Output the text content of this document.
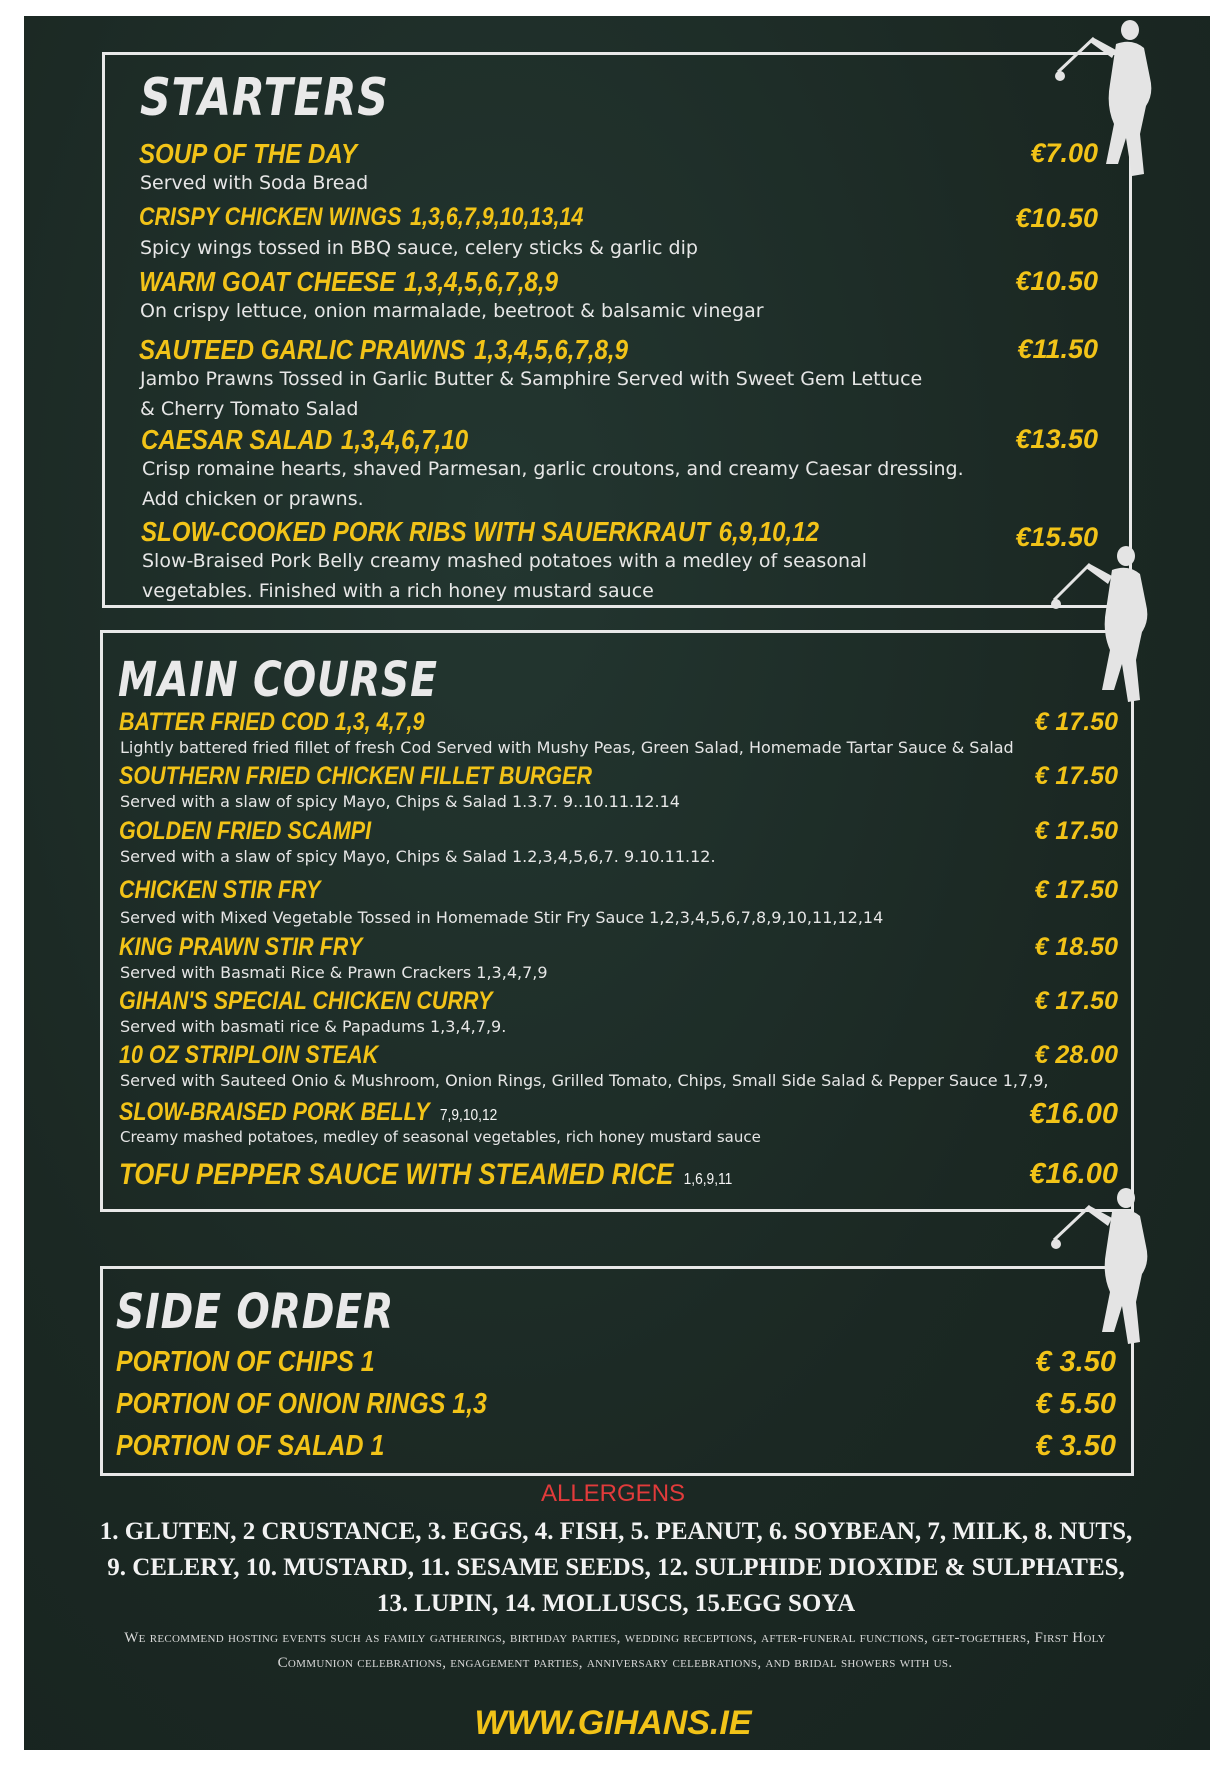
STARTERS
SOUP OF THE DAY
Served with Soda Bread
€7.00
CRISPY CHICKEN WINGS 1,3,6,7,9,10,13,14
Spicy wings tossed in BBQ sauce, celery sticks & garlic dip
€10.50
WARM GOAT CHEESE 1,3,4,5,6,7,8,9
On crispy lettuce, onion marmalade, beetroot & balsamic vinegar
€10.50
SAUTEED GARLIC PRAWNS 1,3,4,5,6,7,8,9
Jambo Prawns Tossed in Garlic Butter & Samphire Served with Sweet Gem Lettuce
& Cherry Tomato Salad
€11.50
CAESAR SALAD 1,3,4,6,7,10
Crisp romaine hearts, shaved Parmesan, garlic croutons, and creamy Caesar dressing.
Add chicken or prawns.
€13.50
SLOW-COOKED PORK RIBS WITH SAUERKRAUT 6,9,10,12
Slow-Braised Pork Belly creamy mashed potatoes with a medley of seasonal
vegetables. Finished with a rich honey mustard sauce
€15.50
MAIN COURSE
BATTER FRIED COD 1,3, 4,7,9
Lightly battered fried fillet of fresh Cod Served with Mushy Peas, Green Salad, Homemade Tartar Sauce & Salad
€ 17.50
SOUTHERN FRIED CHICKEN FILLET BURGER
Served with a slaw of spicy Mayo, Chips & Salad 1.3.7. 9..10.11.12.14
€ 17.50
GOLDEN FRIED SCAMPI
Served with a slaw of spicy Mayo, Chips & Salad 1.2,3,4,5,6,7. 9.10.11.12.
€ 17.50
CHICKEN STIR FRY
Served with Mixed Vegetable Tossed in Homemade Stir Fry Sauce 1,2,3,4,5,6,7,8,9,10,11,12,14
€ 17.50
KING PRAWN STIR FRY
Served with Basmati Rice & Prawn Crackers 1,3,4,7,9
€ 18.50
GIHAN'S SPECIAL CHICKEN CURRY
Served with basmati rice & Papadums 1,3,4,7,9.
€ 17.50
10 OZ STRIPLOIN STEAK
Served with Sauteed Onio & Mushroom, Onion Rings, Grilled Tomato, Chips, Small Side Salad & Pepper Sauce 1,7,9,
€ 28.00
SLOW-BRAISED PORK BELLY 7,9,10,12
Creamy mashed potatoes, medley of seasonal vegetables, rich honey mustard sauce
€16.00
TOFU PEPPER SAUCE WITH STEAMED RICE 1,6,9,11	€16.00
SIDE ORDER
PORTION OF CHIPS 1	€ 3.50
PORTION OF ONION RINGS 1,3	€ 5.50
PORTION OF SALAD 1	€ 3.50
ALLERGENS
1. GLUTEN, 2 CRUSTANCE, 3. EGGS, 4. FISH, 5. PEANUT, 6. SOYBEAN, 7, MILK, 8. NUTS, 9. CELERY, 10. MUSTARD, 11. SESAME SEEDS, 12. SULPHIDE DIOXIDE & SULPHATES, 13. LUPIN, 14. MOLLUSCS, 15.EGG SOYA
We recommend hosting events such as family gatherings, birthday parties, wedding receptions, after-funeral functions, get-togethers, First Holy Communion celebrations, engagement parties, anniversary celebrations, and bridal showers with us.
WWW.GIHANS.IE
